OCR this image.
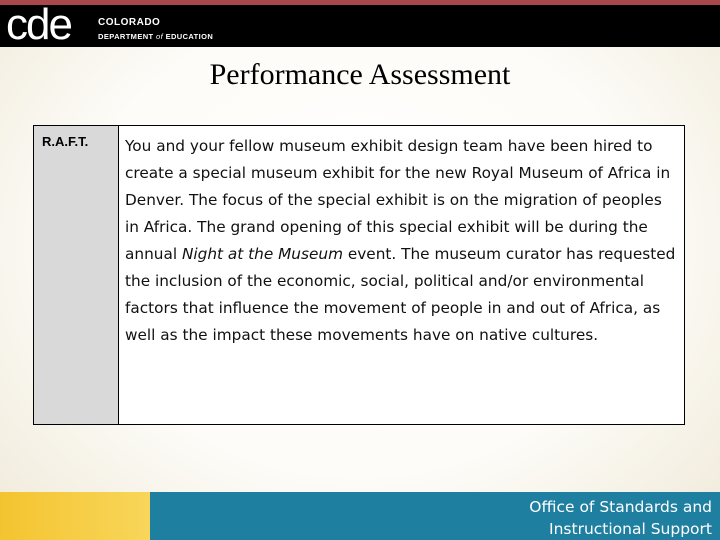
cde	COLORADO
DEPARTMENT of EDUCATION
Performance Assessment
R.A.F.T.	You and your fellow museum exhibit design team have been hired to create a special museum exhibit for the new Royal Museum of Africa in Denver. The focus of the special exhibit is on the migration of peoples in Africa. The grand opening of this special exhibit will be during the annual Night at the Museum event. The museum curator has requested the inclusion of the economic, social, political and/or environmental factors that influence the movement of people in and out of Africa, as well as the impact these movements have on native cultures.
Office of Standards and
Instructional Support
